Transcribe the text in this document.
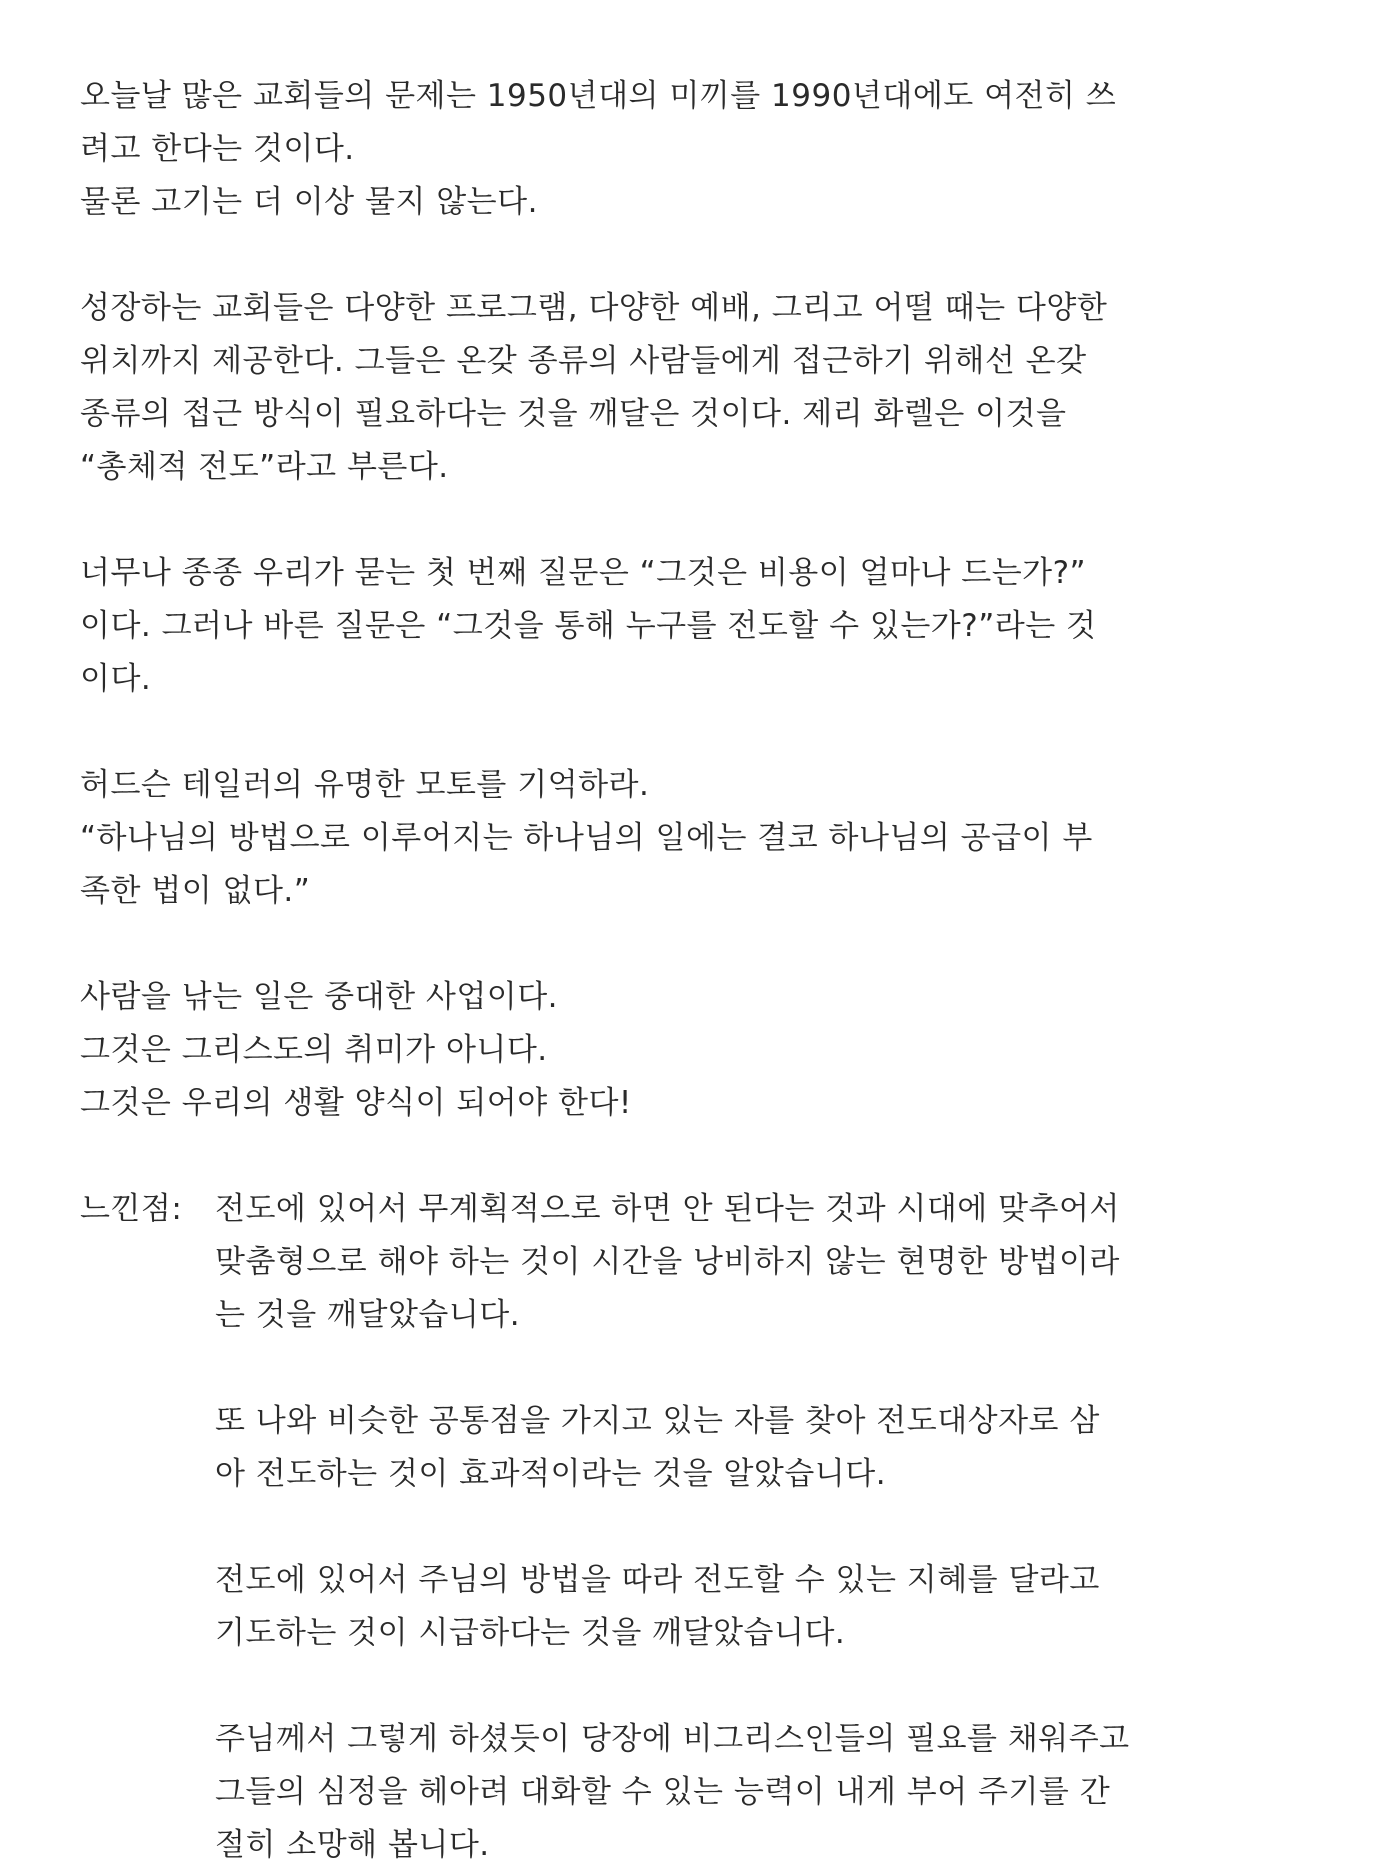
오늘날 많은 교회들의 문제는 1950년대의 미끼를 1990년대에도 여전히 쓰
려고 한다는 것이다.
물론 고기는 더 이상 물지 않는다.
성장하는 교회들은 다양한 프로그램, 다양한 예배, 그리고 어떨 때는 다양한
위치까지 제공한다. 그들은 온갖 종류의 사람들에게 접근하기 위해선 온갖
종류의 접근 방식이 필요하다는 것을 깨달은 것이다. 제리 화렐은 이것을
“총체적 전도”라고 부른다.
너무나 종종 우리가 묻는 첫 번째 질문은 “그것은 비용이 얼마나 드는가?”
이다. 그러나 바른 질문은 “그것을 통해 누구를 전도할 수 있는가?”라는 것
이다.
허드슨 테일러의 유명한 모토를 기억하라.
“하나님의 방법으로 이루어지는 하나님의 일에는 결코 하나님의 공급이 부
족한 법이 없다.”
사람을 낚는 일은 중대한 사업이다.
그것은 그리스도의 취미가 아니다.
그것은 우리의 생활 양식이 되어야 한다!
느낀점: 전도에 있어서 무계획적으로 하면 안 된다는 것과 시대에 맞추어서
맞춤형으로 해야 하는 것이 시간을 낭비하지 않는 현명한 방법이라
는 것을 깨달았습니다.
또 나와 비슷한 공통점을 가지고 있는 자를 찾아 전도대상자로 삼
아 전도하는 것이 효과적이라는 것을 알았습니다.
전도에 있어서 주님의 방법을 따라 전도할 수 있는 지혜를 달라고
기도하는 것이 시급하다는 것을 깨달았습니다.
주님께서 그렇게 하셨듯이 당장에 비그리스인들의 필요를 채워주고
그들의 심정을 헤아려 대화할 수 있는 능력이 내게 부어 주기를 간
절히 소망해 봅니다.
